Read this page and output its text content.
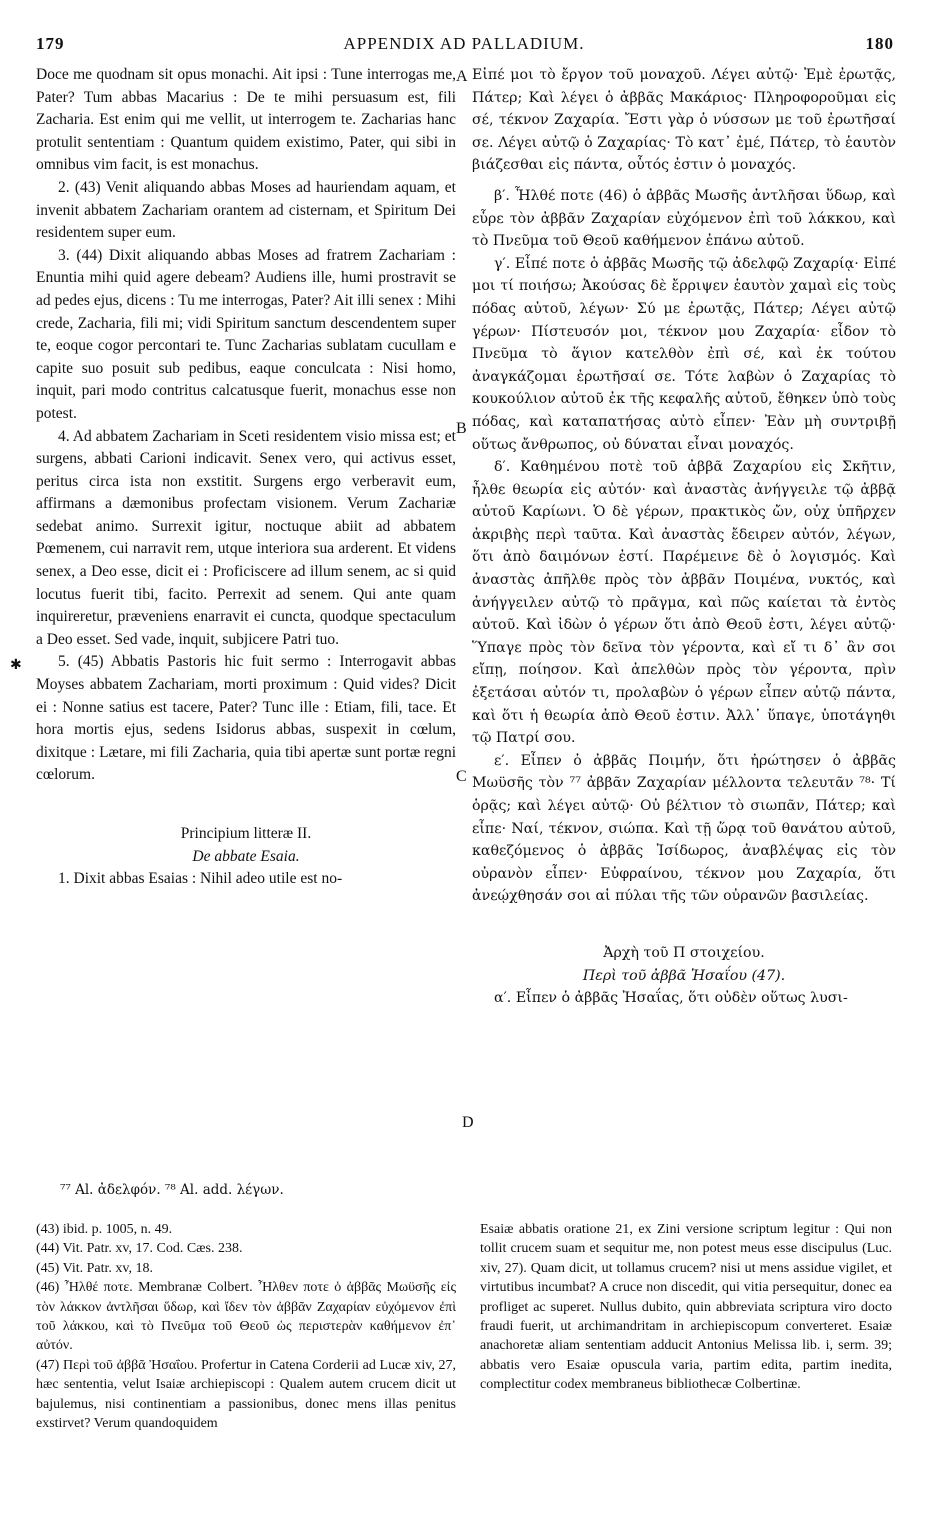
179	APPENDIX AD PALLADIUM.	180

Doce me quodnam sit opus monachi. Ait ipsi : Tune interrogas me, Pater? Tum abbas Macarius : De te mihi persuasum est, fili Zacharia. Est enim qui me vellit, ut interrogem te. Zacharias hanc protulit sententiam : Quantum quidem existimo, Pater, qui sibi in omnibus vim facit, is est monachus.

2. (43) Venit aliquando abbas Moses ad hauriendam aquam, et invenit abbatem Zachariam orantem ad cisternam, et Spiritum Dei residentem super eum.

3. (44) Dixit aliquando abbas Moses ad fratrem Zachariam : Enuntia mihi quid agere debeam? Audiens ille, humi prostravit se ad pedes ejus, dicens : Tu me interrogas, Pater? Ait illi senex : Mihi crede, Zacharia, fili mi; vidi Spiritum sanctum descendentem super te, eoque cogor percontari te. Tunc Zacharias sublatam cucullam e capite suo posuit sub pedibus, eaque conculcata : Nisi homo, inquit, pari modo contritus calcatusque fuerit, monachus esse non potest.

4. Ad abbatem Zachariam in Sceti residentem visio missa est; et surgens, abbati Carioni indicavit. Senex vero, qui activus esset, peritus circa ista non exstitit. Surgens ergo verberavit eum, affirmans a dæmonibus profectam visionem. Verum Zachariæ sedebat animo. Surrexit igitur, noctuque abiit ad abbatem Pœmenem, cui narravit rem, utque interiora sua arderent. Et videns senex, a Deo esse, dicit ei : Proficiscere ad illum senem, ac si quid locutus fuerit tibi, facito. Perrexit ad senem. Qui ante quam inquireretur, præveniens enarravit ei cuncta, quodque spectaculum a Deo esset. Sed vade, inquit, subjicere Patri tuo.

5. (45) Abbatis Pastoris hic fuit sermo : Interrogavit abbas Moyses abbatem Zachariam, morti proximum : Quid vides? Dicit ei : Nonne satius est tacere, Pater? Tunc ille : Etiam, fili, tace. Et hora mortis ejus, sedens Isidorus abbas, suspexit in cœlum, dixitque : Lætare, mi fili Zacharia, quia tibi apertæ sunt portæ regni cœlorum.

Principium litteræ II.

De abbate Esaia.

1. Dixit abbas Esaias : Nihil adeo utile est no-

Εἰπέ μοι τὸ ἔργον τοῦ μοναχοῦ. Λέγει αὐτῷ· Ἐμὲ ἐρωτᾷς, Πάτερ; Καὶ λέγει ὁ ἀββᾶς Μακάριος· Πληροφοροῦμαι εἰς σέ, τέκνον Ζαχαρία. Ἔστι γὰρ ὁ νύσσων με τοῦ ἐρωτῆσαί σε. Λέγει αὐτῷ ὁ Ζαχαρίας· Τὸ κατ᾽ ἐμέ, Πάτερ, τὸ ἑαυτὸν βιάζεσθαι εἰς πάντα, οὗτός ἐστιν ὁ μοναχός.

β′. Ἦλθέ ποτε (46) ὁ ἀββᾶς Μωσῆς ἀντλῆσαι ὕδωρ, καὶ εὗρε τὸν ἀββᾶν Ζαχαρίαν εὐχόμενον ἐπὶ τοῦ λάκκου, καὶ τὸ Πνεῦμα τοῦ Θεοῦ καθήμενον ἐπάνω αὐτοῦ.

γ′. Εἶπέ ποτε ὁ ἀββᾶς Μωσῆς τῷ ἀδελφῷ Ζαχαρίᾳ· Εἰπέ μοι τί ποιήσω; Ἀκούσας δὲ ἔρριψεν ἑαυτὸν χαμαὶ εἰς τοὺς πόδας αὐτοῦ, λέγων· Σύ με ἐρωτᾷς, Πάτερ; Λέγει αὐτῷ γέρων· Πίστευσόν μοι, τέκνον μου Ζαχαρία· εἶδον τὸ Πνεῦμα τὸ ἅγιον κατελθὸν ἐπὶ σέ, καὶ ἐκ τούτου ἀναγκάζομαι ἐρωτῆσαί σε. Τότε λαβὼν ὁ Ζαχαρίας τὸ κουκούλιον αὐτοῦ ἐκ τῆς κεφαλῆς αὐτοῦ, ἔθηκεν ὑπὸ τοὺς πόδας, καὶ καταπατήσας αὐτὸ εἶπεν· Ἐὰν μὴ συντριβῇ οὕτως ἄνθρωπος, οὐ δύναται εἶναι μοναχός.

δ′. Καθημένου ποτὲ τοῦ ἀββᾶ Ζαχαρίου εἰς Σκῆτιν, ἦλθε θεωρία εἰς αὐτόν· καὶ ἀναστὰς ἀνήγγειλε τῷ ἀββᾷ αὐτοῦ Καρίωνι. Ὁ δὲ γέρων, πρακτικὸς ὤν, οὐχ ὑπῆρχεν ἀκριβὴς περὶ ταῦτα. Καὶ ἀναστὰς ἔδειρεν αὐτόν, λέγων, ὅτι ἀπὸ δαιμόνων ἐστί. Παρέμεινε δὲ ὁ λογισμός. Καὶ ἀναστὰς ἀπῆλθε πρὸς τὸν ἀββᾶν Ποιμένα, νυκτός, καὶ ἀνήγγειλεν αὐτῷ τὸ πρᾶγμα, καὶ πῶς καίεται τὰ ἐντὸς αὐτοῦ. Καὶ ἰδὼν ὁ γέρων ὅτι ἀπὸ Θεοῦ ἐστι, λέγει αὐτῷ· Ὕπαγε πρὸς τὸν δεῖνα τὸν γέροντα, καὶ εἴ τι δ᾽ ἂν σοι εἴπῃ, ποίησον. Καὶ ἀπελθὼν πρὸς τὸν γέροντα, πρὶν ἐξετάσαι αὐτόν τι, προλαβὼν ὁ γέρων εἶπεν αὐτῷ πάντα, καὶ ὅτι ἡ θεωρία ἀπὸ Θεοῦ ἐστιν. Ἀλλ᾽ ὕπαγε, ὑποτάγηθι τῷ Πατρί σου.

ε′. Εἶπεν ὁ ἀββᾶς Ποιμήν, ὅτι ἠρώτησεν ὁ ἀββᾶς Μωϋσῆς τὸν ⁷⁷ ἀββᾶν Ζαχαρίαν μέλλοντα τελευτᾶν ⁷⁸· Τί ὁρᾷς; καὶ λέγει αὐτῷ· Οὐ βέλτιον τὸ σιωπᾶν, Πάτερ; καὶ εἶπε· Ναί, τέκνον, σιώπα. Καὶ τῇ ὥρᾳ τοῦ θανάτου αὐτοῦ, καθεζόμενος ὁ ἀββᾶς Ἰσίδωρος, ἀναβλέψας εἰς τὸν οὐρανὸν εἶπεν· Εὐφραίνου, τέκνον μου Ζαχαρία, ὅτι ἀνεῴχθησάν σοι αἱ πύλαι τῆς τῶν οὐρανῶν βασιλείας.

Ἀρχὴ τοῦ Π στοιχείου.

Περὶ τοῦ ἀββᾶ Ἠσαΐου (47).

α′. Εἶπεν ὁ ἀββᾶς Ἠσαΐας, ὅτι οὐδὲν οὕτως λυσι-

A
B
C
D
✱
⁷⁷ Al. ἀδελφόν. ⁷⁸ Al. add. λέγων.

(43) ibid. p. 1005, n. 49.

(44) Vit. Patr. xv, 17. Cod. Cæs. 238.

(45) Vit. Patr. xv, 18.

(46) Ἦλθέ ποτε. Membranæ Colbert. Ἦλθεν ποτε ὁ ἀββᾶς Μωϋσῆς εἰς τὸν λάκκον ἀντλῆσαι ὕδωρ, καὶ ἴδεν τὸν ἀββᾶν Ζαχαρίαν εὐχόμενον ἐπὶ τοῦ λάκκου, καὶ τὸ Πνεῦμα τοῦ Θεοῦ ὡς περιστερὰν καθήμενον ἐπ᾽ αὐτόν.

(47) Περὶ τοῦ ἀββᾶ Ἠσαΐου. Profertur in Catena Corderii ad Lucæ xiv, 27, hæc sententia, velut Isaiæ archiepiscopi : Qualem autem crucem dicit ut bajulemus, nisi continentiam a passionibus, donec mens illas penitus exstirvet? Verum quandoquidem

Esaiæ abbatis oratione 21, ex Zini versione scriptum legitur : Qui non tollit crucem suam et sequitur me, non potest meus esse discipulus (Luc. xiv, 27). Quam dicit, ut tollamus crucem? nisi ut mens assidue vigilet, et virtutibus incumbat? A cruce non discedit, qui vitia persequitur, donec ea profliget ac superet. Nullus dubito, quin abbreviata scriptura viro docto fraudi fuerit, ut archimandritam in archiepiscopum converteret. Esaiæ anachoretæ aliam sententiam adducit Antonius Melissa lib. i, serm. 39; abbatis vero Esaiæ opuscula varia, partim edita, partim inedita, complectitur codex membraneus bibliothecæ Colbertinæ.
